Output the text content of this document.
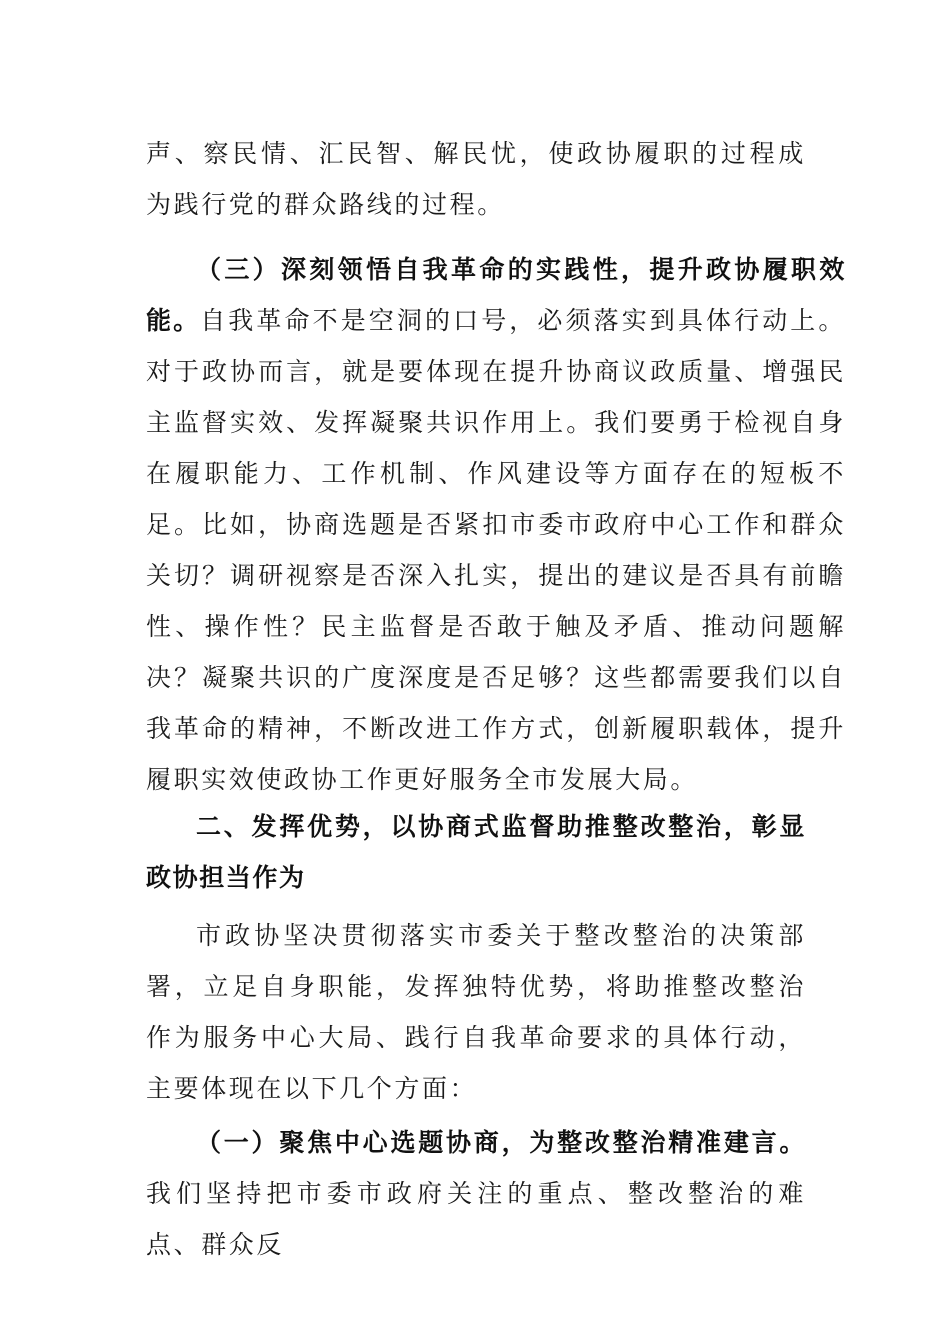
声、察民情、汇民智、解民忧，使政协履职的过程成为践行党的群众路线的过程。
（三）深刻领悟自我革命的实践性，提升政协履职效能。自我革命不是空洞的口号，必须落实到具体行动上。对于政协而言，就是要体现在提升协商议政质量、增强民主监督实效、发挥凝聚共识作用上。我们要勇于检视自身在履职能力、工作机制、作风建设等方面存在的短板不足。比如，协商选题是否紧扣市委市政府中心工作和群众关切？调研视察是否深入扎实，提出的建议是否具有前瞻性、操作性？民主监督是否敢于触及矛盾、推动问题解决？凝聚共识的广度深度是否足够？这些都需要我们以自我革命的精神，不断改进工作方式，创新履职载体，提升履职实效使政协工作更好服务全市发展大局。
二、发挥优势，以协商式监督助推整改整治，彰显政协担当作为
市政协坚决贯彻落实市委关于整改整治的决策部署，立足自身职能，发挥独特优势，将助推整改整治作为服务中心大局、践行自我革命要求的具体行动，主要体现在以下几个方面：
（一）聚焦中心选题协商，为整改整治精准建言。我们坚持把市委市政府关注的重点、整改整治的难点、群众反
